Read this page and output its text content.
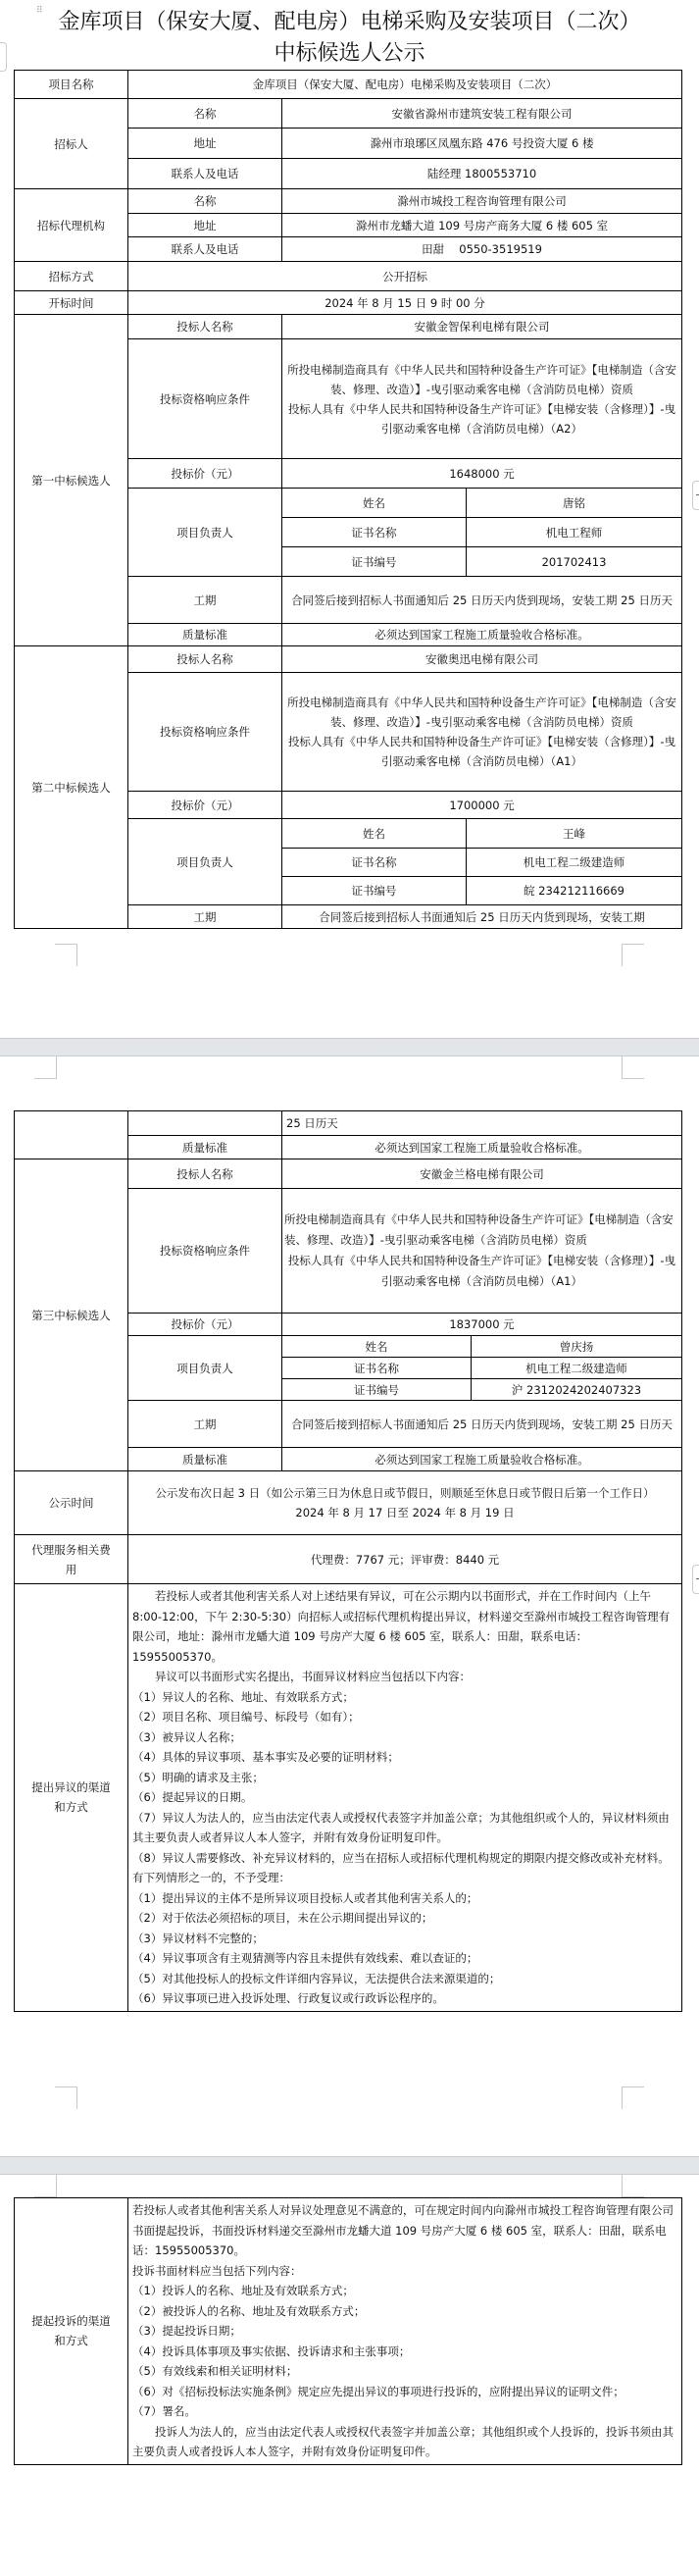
⠿ 金库项目（保安大厦、配电房）电梯采购及安装项目（二次）
中标候选人公示
项目名称	金库项目（保安大厦、配电房）电梯采购及安装项目（二次）		
招标人	名称	安徽省滁州市建筑安装工程有限公司	
	地址	滁州市琅琊区凤凰东路 476 号投资大厦 6 楼	
	联系人及电话	陆经理 1800553710	
招标代理机构	名称	滁州市城投工程咨询管理有限公司	
	地址	滁州市龙蟠大道 109 号房产商务大厦 6 楼 605 室	
	联系人及电话	田甜　 0550-3519519	
招标方式	公开招标		
开标时间	2024 年 8 月 15 日 9 时 00 分		
第一中标候选人	投标人名称	安徽金智保利电梯有限公司	
	投标资格响应条件	所投电梯制造商具有《中华人民共和国特种设备生产许可证》【电梯制造（含安装、修理、改造）】-曳引驱动乘客电梯（含消防员电梯）资质
投标人具有《中华人民共和国特种设备生产许可证》【电梯安装（含修理）】-曳引驱动乘客电梯（含消防员电梯）（A2）	

	投标价（元）	1648000 元	
	项目负责人	姓名	唐铭
		证书名称	机电工程师
		证书编号	201702413
	工期	合同签后接到招标人书面通知后 25 日历天内货到现场，安装工期 25 日历天	
	质量标准	必须达到国家工程施工质量验收合格标准。	
第二中标候选人	投标人名称	安徽奥迅电梯有限公司	
	投标资格响应条件	所投电梯制造商具有《中华人民共和国特种设备生产许可证》【电梯制造（含安装、修理、改造）】-曳引驱动乘客电梯（含消防员电梯）资质
投标人具有《中华人民共和国特种设备生产许可证》【电梯安装（含修理）】-曳引驱动乘客电梯（含消防员电梯）（A1）	

	投标价（元）	1700000 元	
	项目负责人	姓名	王峰
		证书名称	机电工程二级建造师
		证书编号	皖 234212116669
	工期	合同签后接到招标人书面通知后 25 日历天内货到现场，安装工期	
		25 日历天	
	质量标准	必须达到国家工程施工质量验收合格标准。	
第三中标候选人	投标人名称	安徽金兰格电梯有限公司	
	投标资格响应条件	所投电梯制造商具有《中华人民共和国特种设备生产许可证》【电梯制造（含安装、修理、改造）】-曳引驱动乘客电梯（含消防员电梯）资质
投标人具有《中华人民共和国特种设备生产许可证》【电梯安装（含修理）】-曳引驱动乘客电梯（含消防员电梯）（A1）	

	投标价（元）	1837000 元	
	项目负责人	姓名	曾庆扬
		证书名称	机电工程二级建造师
		证书编号	沪 2312024202407323
	工期	合同签后接到招标人书面通知后 25 日历天内货到现场，安装工期 25 日历天	
	质量标准	必须达到国家工程施工质量验收合格标准。	
公示时间	公示发布次日起 3 日（如公示第三日为休息日或节假日，则顺延至休息日或节假日后第一个工作日）
2024 年 8 月 17 日至 2024 年 8 月 19 日		

代理服务相关费
用	代理费：7767 元；评审费：8440 元		

提出异议的渠道
和方式

若投标人或者其他利害关系人对上述结果有异议，可在公示期内以书面形式，并在工作时间内（上午 8:00-12:00，下午 2:30-5:30）向招标人或招标代理机构提出异议，材料递交至滁州市城投工程咨询管理有限公司，地址：滁州市龙蟠大道 109 号房产大厦 6 楼 605 室，联系人：田甜，联系电话：15955005370。
异议可以书面形式实名提出，书面异议材料应当包括以下内容：
（1）异议人的名称、地址、有效联系方式；
（2）项目名称、项目编号、标段号（如有）；
（3）被异议人名称；
（4）具体的异议事项、基本事实及必要的证明材料；
（5）明确的请求及主张；
（6）提起异议的日期。
（7）异议人为法人的，应当由法定代表人或授权代表签字并加盖公章；为其他组织或个人的，异议材料须由其主要负责人或者异议人本人签字，并附有效身份证明复印件。
（8）异议人需要修改、补充异议材料的，应当在招标人或招标代理机构规定的期限内提交修改或补充材料。
有下列情形之一的，不予受理：
（1）提出异议的主体不是所异议项目投标人或者其他利害关系人的；
（2）对于依法必须招标的项目，未在公示期间提出异议的；
（3）异议材料不完整的；
（4）异议事项含有主观猜测等内容且未提供有效线索、难以查证的；
（5）对其他投标人的投标文件详细内容异议，无法提供合法来源渠道的；
（6）异议事项已进入投诉处理、行政复议或行政诉讼程序的。
提起投诉的渠道
和方式

若投标人或者其他利害关系人对异议处理意见不满意的，可在规定时间内向滁州市城投工程咨询管理有限公司书面提起投诉，书面投诉材料递交至滁州市龙蟠大道 109 号房产大厦 6 楼 605 室，联系人：田甜，联系电话：15955005370。
投诉书面材料应当包括下列内容：
（1）投诉人的名称、地址及有效联系方式；
（2）被投诉人的名称、地址及有效联系方式；
（3）提起投诉日期；
（4）投诉具体事项及事实依据、投诉请求和主张事项；
（5）有效线索和相关证明材料；
（6）对《招标投标法实施条例》规定应先提出异议的事项进行投诉的，应附提出异议的证明文件；
（7）署名。
投诉人为法人的，应当由法定代表人或授权代表签字并加盖公章；其他组织或个人投诉的，投诉书须由其主要负责人或者投诉人本人签字，并附有效身份证明复印件。
